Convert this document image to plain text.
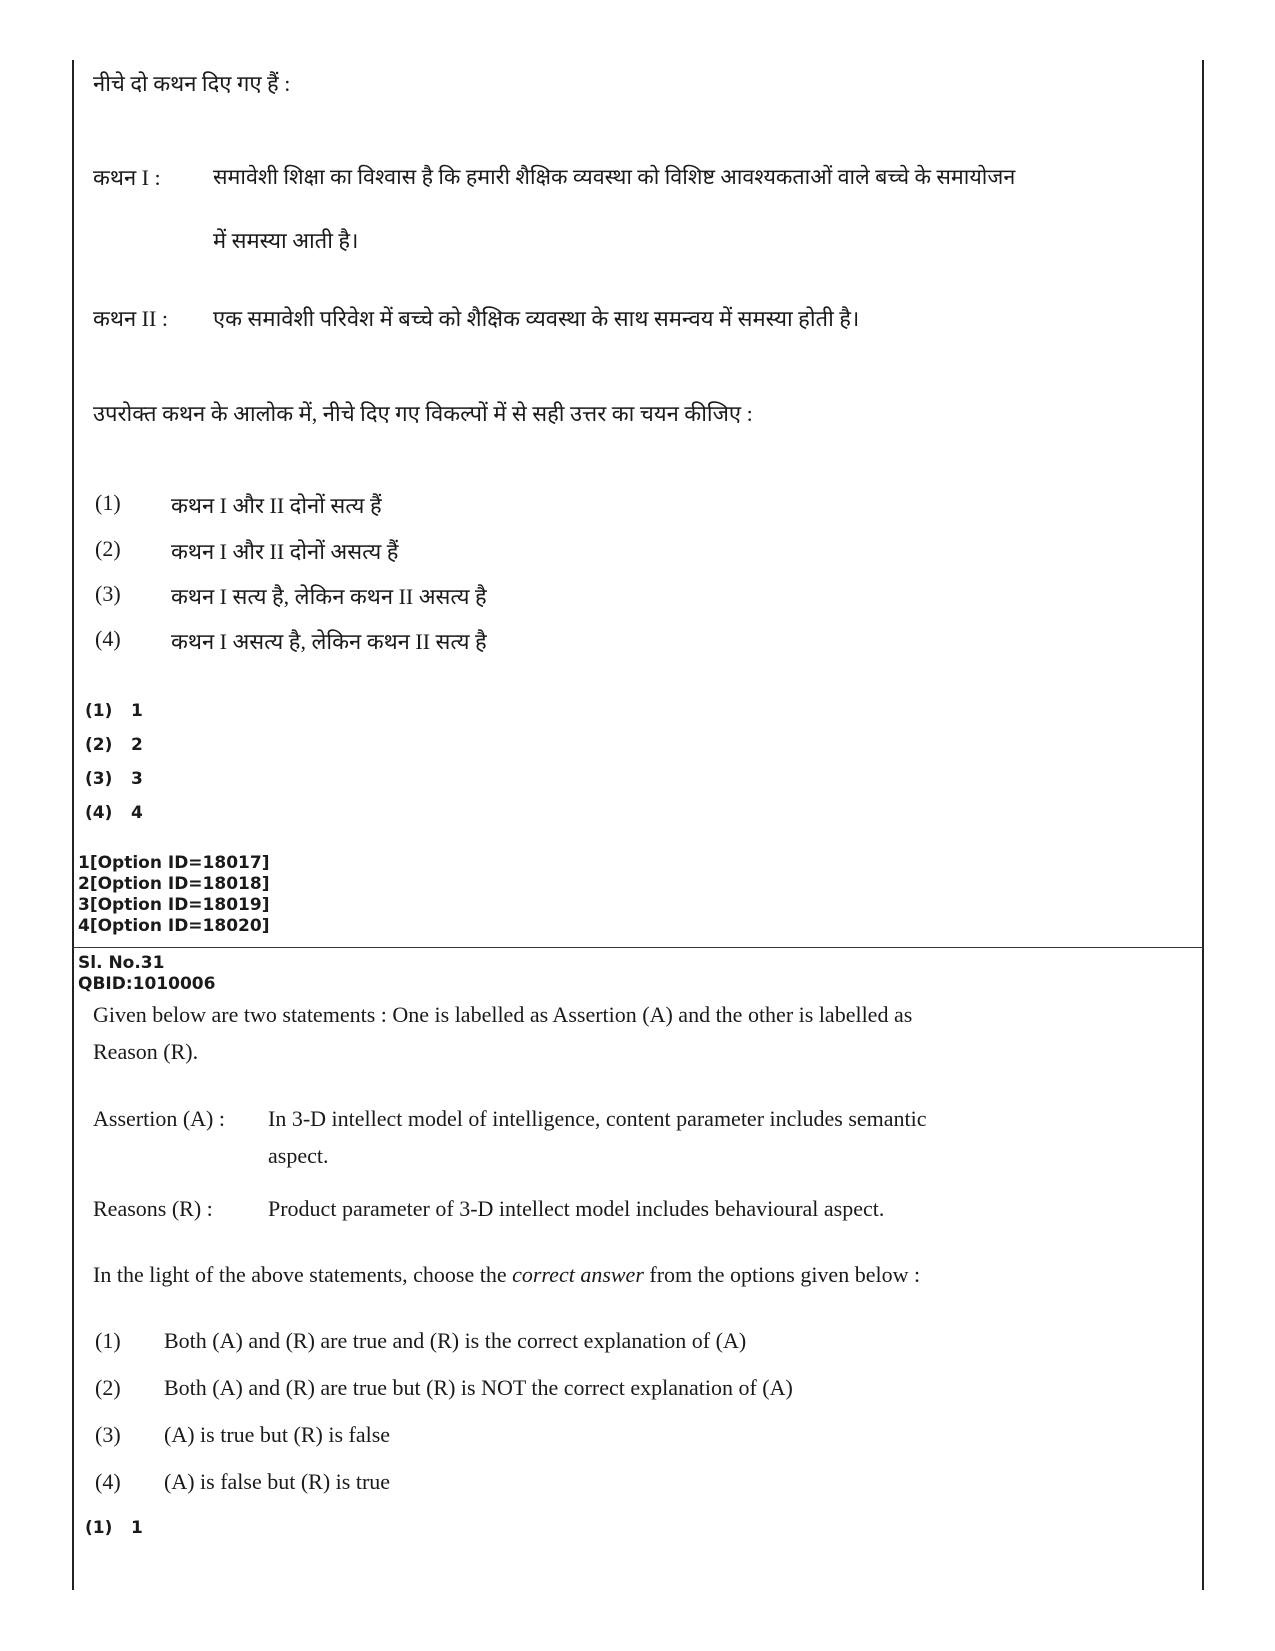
नीचे दो कथन दिए गए हैं :
कथन I : समावेशी शिक्षा का विश्वास है कि हमारी शैक्षिक व्यवस्था को विशिष्ट आवश्यकताओं वाले बच्चे के समायोजन
में समस्या आती है।
कथन II : एक समावेशी परिवेश में बच्चे को शैक्षिक व्यवस्था के साथ समन्वय में समस्या होती है।
उपरोक्त कथन के आलोक में, नीचे दिए गए विकल्पों में से सही उत्तर का चयन कीजिए :
(1) कथन I और II दोनों सत्य हैं
(2) कथन I और II दोनों असत्य हैं
(3) कथन I सत्य है, लेकिन कथन II असत्य है
(4) कथन I असत्य है, लेकिन कथन II सत्य है
(1) 1
(2) 2
(3) 3
(4) 4
1[Option ID=18017]
2[Option ID=18018]
3[Option ID=18019]
4[Option ID=18020]
Sl. No.31
QBID:1010006
Given below are two statements : One is labelled as Assertion (A) and the other is labelled as
Reason (R).
Assertion (A) : In 3-D intellect model of intelligence, content parameter includes semantic
aspect.
Reasons (R) :	Product parameter of 3-D intellect model includes behavioural aspect.
In the light of the above statements, choose the correct answer from the options given below :
(1) Both (A) and (R) are true and (R) is the correct explanation of (A)
(2) Both (A) and (R) are true but (R) is NOT the correct explanation of (A)
(3) (A) is true but (R) is false
(4) (A) is false but (R) is true
(1) 1
